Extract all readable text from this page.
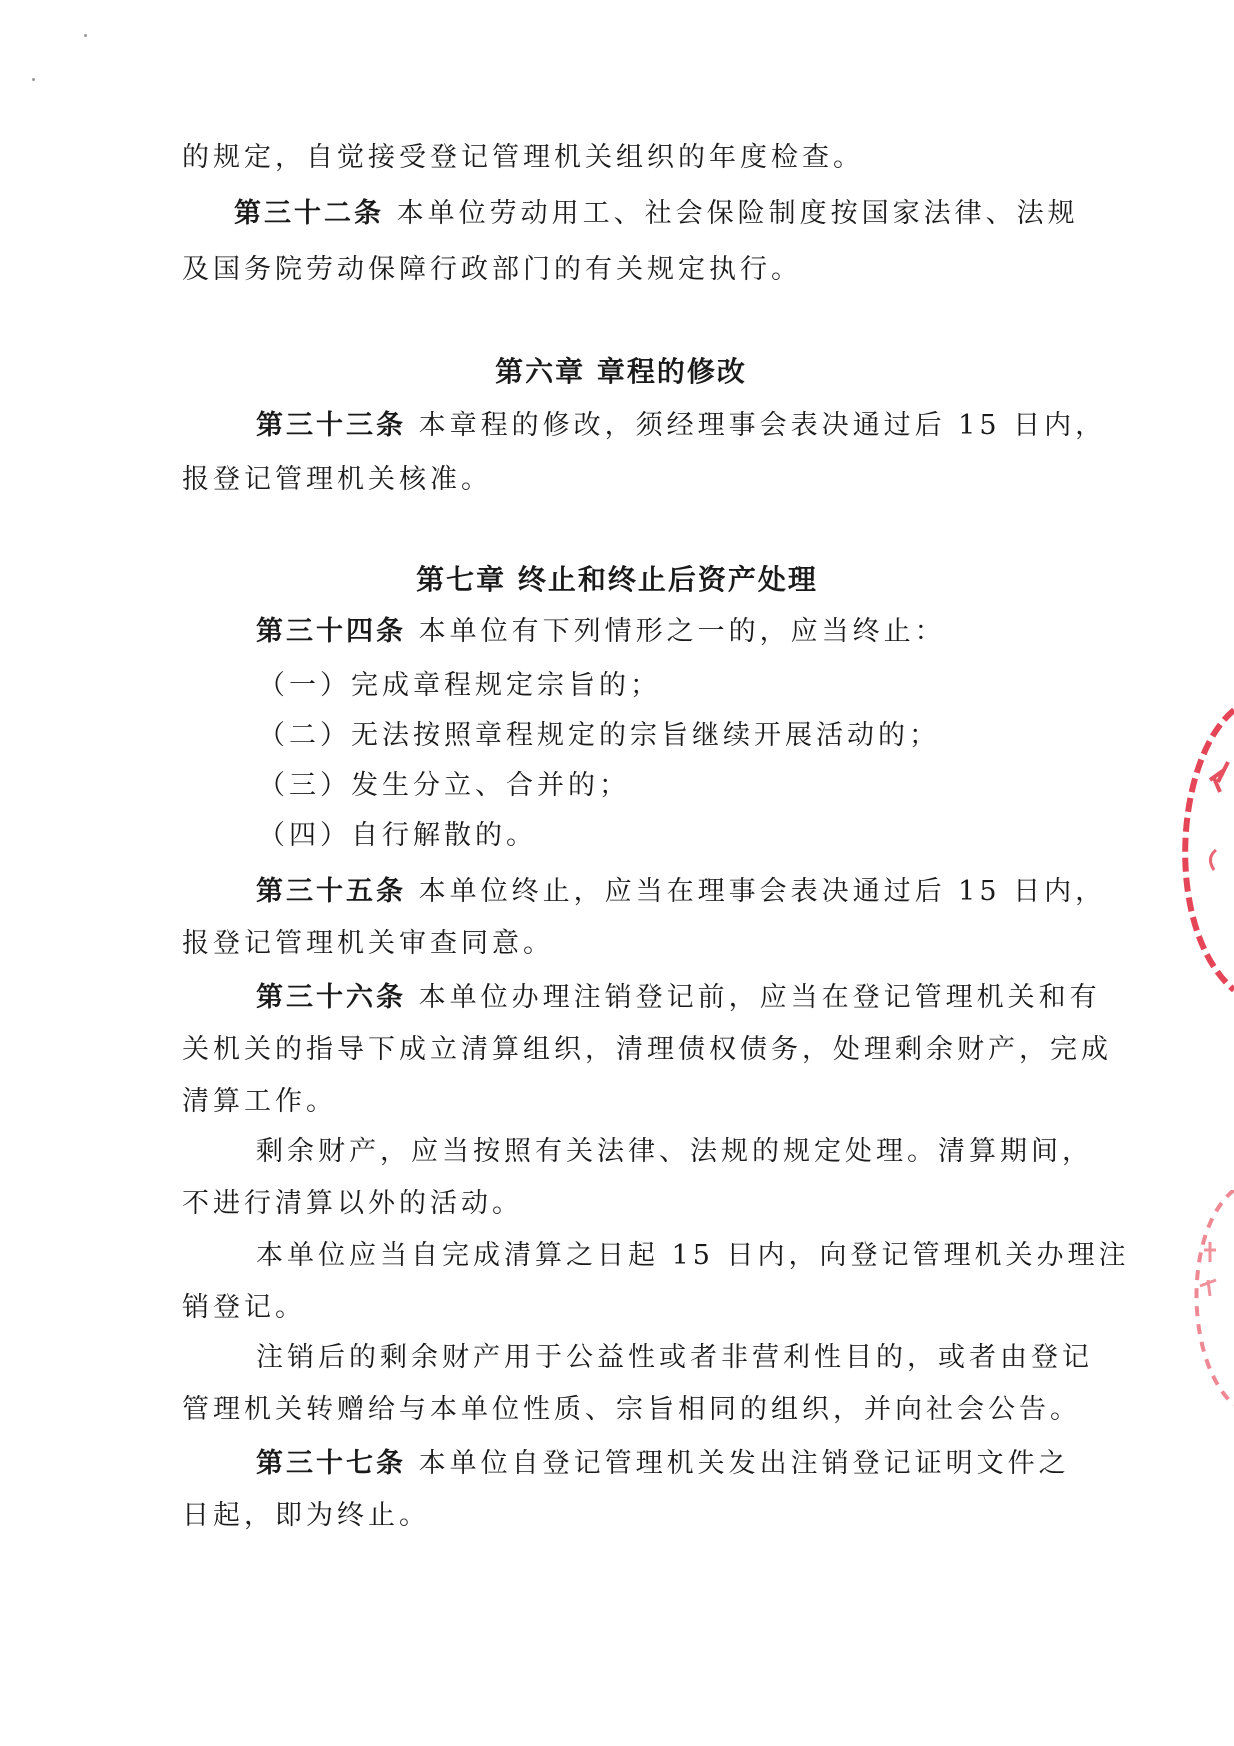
的规定，自觉接受登记管理机关组织的年度检查。
第三十二条 本单位劳动用工、社会保险制度按国家法律、法规
及国务院劳动保障行政部门的有关规定执行。
第六章 章程的修改
第三十三条 本章程的修改，须经理事会表决通过后 15 日内，
报登记管理机关核准。
第七章 终止和终止后资产处理
第三十四条 本单位有下列情形之一的，应当终止：
（一）完成章程规定宗旨的；
（二）无法按照章程规定的宗旨继续开展活动的；
（三）发生分立、合并的；
（四）自行解散的。
第三十五条 本单位终止，应当在理事会表决通过后 15 日内，
报登记管理机关审查同意。
第三十六条 本单位办理注销登记前，应当在登记管理机关和有
关机关的指导下成立清算组织，清理债权债务，处理剩余财产，完成
清算工作。
剩余财产，应当按照有关法律、法规的规定处理。清算期间，
不进行清算以外的活动。
本单位应当自完成清算之日起 15 日内，向登记管理机关办理注
销登记。
注销后的剩余财产用于公益性或者非营利性目的，或者由登记
管理机关转赠给与本单位性质、宗旨相同的组织，并向社会公告。
第三十七条 本单位自登记管理机关发出注销登记证明文件之
日起，即为终止。
